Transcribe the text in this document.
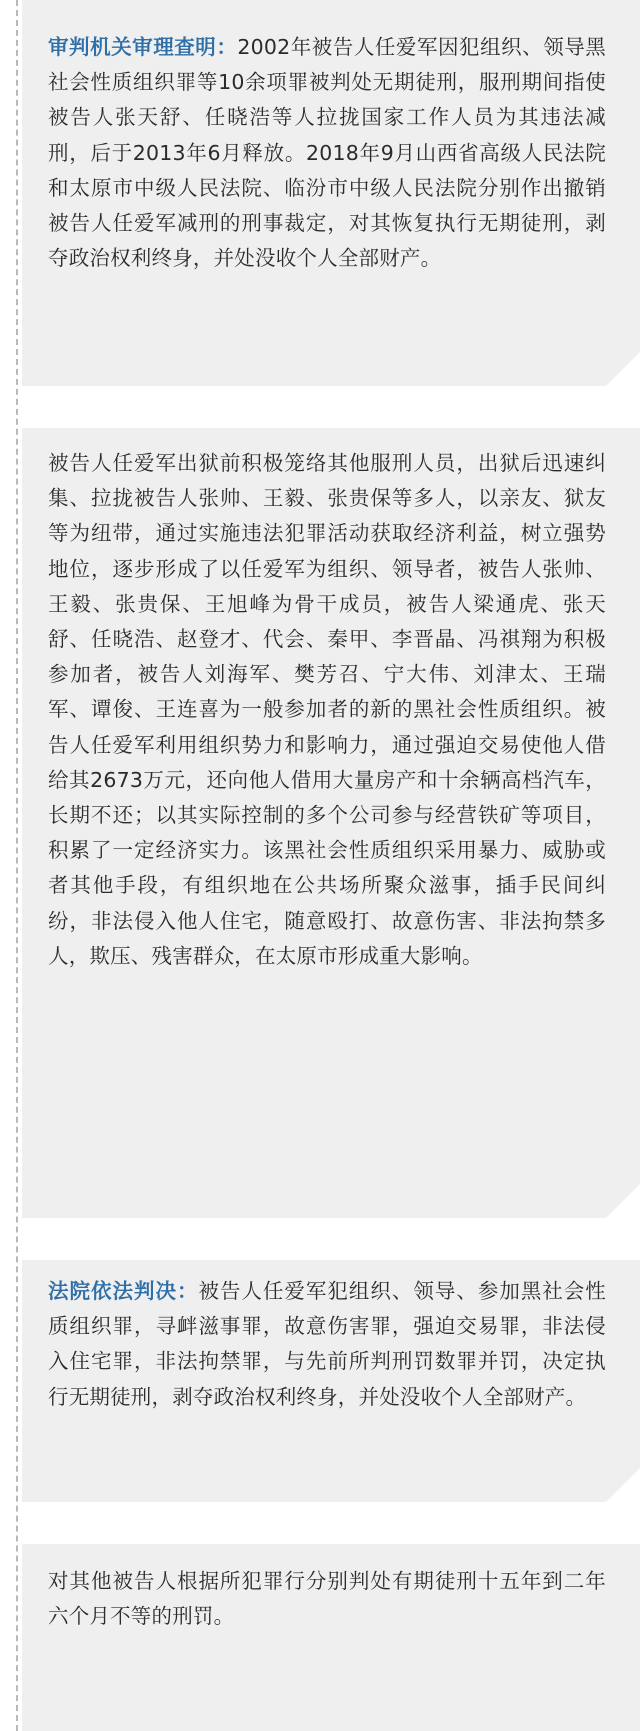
审判机关审理查明：2002年被告人任爱军因犯组织、领导黑社会性质组织罪等10余项罪被判处无期徒刑，服刑期间指使被告人张天舒、任晓浩等人拉拢国家工作人员为其违法减刑，后于2013年6月释放。2018年9月山西省高级人民法院和太原市中级人民法院、临汾市中级人民法院分别作出撤销被告人任爱军减刑的刑事裁定，对其恢复执行无期徒刑，剥夺政治权利终身，并处没收个人全部财产。

被告人任爱军出狱前积极笼络其他服刑人员，出狱后迅速纠集、拉拢被告人张帅、王毅、张贵保等多人，以亲友、狱友等为纽带，通过实施违法犯罪活动获取经济利益，树立强势地位，逐步形成了以任爱军为组织、领导者，被告人张帅、王毅、张贵保、王旭峰为骨干成员，被告人梁通虎、张天舒、任晓浩、赵登才、代会、秦甲、李晋晶、冯祺翔为积极参加者，被告人刘海军、樊芳召、宁大伟、刘津太、王瑞军、谭俊、王连喜为一般参加者的新的黑社会性质组织。被告人任爱军利用组织势力和影响力，通过强迫交易使他人借给其2673万元，还向他人借用大量房产和十余辆高档汽车，长期不还；以其实际控制的多个公司参与经营铁矿等项目，积累了一定经济实力。该黑社会性质组织采用暴力、威胁或者其他手段，有组织地在公共场所聚众滋事，插手民间纠纷，非法侵入他人住宅，随意殴打、故意伤害、非法拘禁多人，欺压、残害群众，在太原市形成重大影响。

法院依法判决：被告人任爱军犯组织、领导、参加黑社会性质组织罪，寻衅滋事罪，故意伤害罪，强迫交易罪，非法侵入住宅罪，非法拘禁罪，与先前所判刑罚数罪并罚，决定执行无期徒刑，剥夺政治权利终身，并处没收个人全部财产。

对其他被告人根据所犯罪行分别判处有期徒刑十五年到二年六个月不等的刑罚。
